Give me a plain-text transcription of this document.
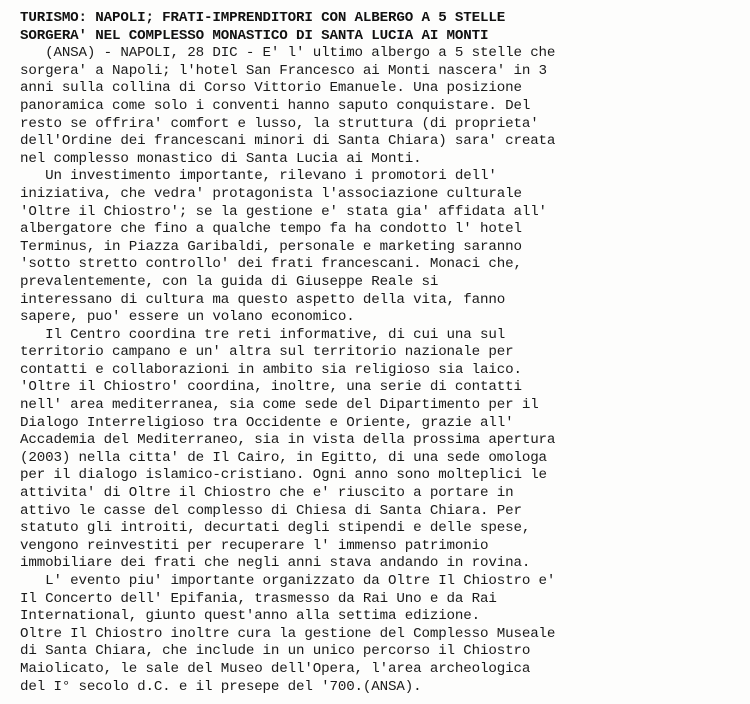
TURISMO: NAPOLI; FRATI-IMPRENDITORI CON ALBERGO A 5 STELLE
SORGERA' NEL COMPLESSO MONASTICO DI SANTA LUCIA AI MONTI
(ANSA) - NAPOLI, 28 DIC - E' l' ultimo albergo a 5 stelle che
sorgera' a Napoli; l'hotel San Francesco ai Monti nascera' in 3
anni sulla collina di Corso Vittorio Emanuele. Una posizione
panoramica come solo i conventi hanno saputo conquistare. Del
resto se offrira' comfort e lusso, la struttura (di proprieta'
dell'Ordine dei francescani minori di Santa Chiara) sara' creata
nel complesso monastico di Santa Lucia ai Monti.
Un investimento importante, rilevano i promotori dell'
iniziativa, che vedra' protagonista l'associazione culturale
'Oltre il Chiostro'; se la gestione e' stata gia' affidata all'
albergatore che fino a qualche tempo fa ha condotto l' hotel
Terminus, in Piazza Garibaldi, personale e marketing saranno
'sotto stretto controllo' dei frati francescani. Monaci che,
prevalentemente, con la guida di Giuseppe Reale si
interessano di cultura ma questo aspetto della vita, fanno
sapere, puo' essere un volano economico.
Il Centro coordina tre reti informative, di cui una sul
territorio campano e un' altra sul territorio nazionale per
contatti e collaborazioni in ambito sia religioso sia laico.
'Oltre il Chiostro' coordina, inoltre, una serie di contatti
nell' area mediterranea, sia come sede del Dipartimento per il
Dialogo Interreligioso tra Occidente e Oriente, grazie all'
Accademia del Mediterraneo, sia in vista della prossima apertura
(2003) nella citta' de Il Cairo, in Egitto, di una sede omologa
per il dialogo islamico-cristiano. Ogni anno sono molteplici le
attivita' di Oltre il Chiostro che e' riuscito a portare in
attivo le casse del complesso di Chiesa di Santa Chiara. Per
statuto gli introiti, decurtati degli stipendi e delle spese,
vengono reinvestiti per recuperare l' immenso patrimonio
immobiliare dei frati che negli anni stava andando in rovina.
L' evento piu' importante organizzato da Oltre Il Chiostro e'
Il Concerto dell' Epifania, trasmesso da Rai Uno e da Rai
International, giunto quest'anno alla settima edizione.
Oltre Il Chiostro inoltre cura la gestione del Complesso Museale
di Santa Chiara, che include in un unico percorso il Chiostro
Maiolicato, le sale del Museo dell'Opera, l'area archeologica
del I° secolo d.C. e il presepe del '700.(ANSA).
